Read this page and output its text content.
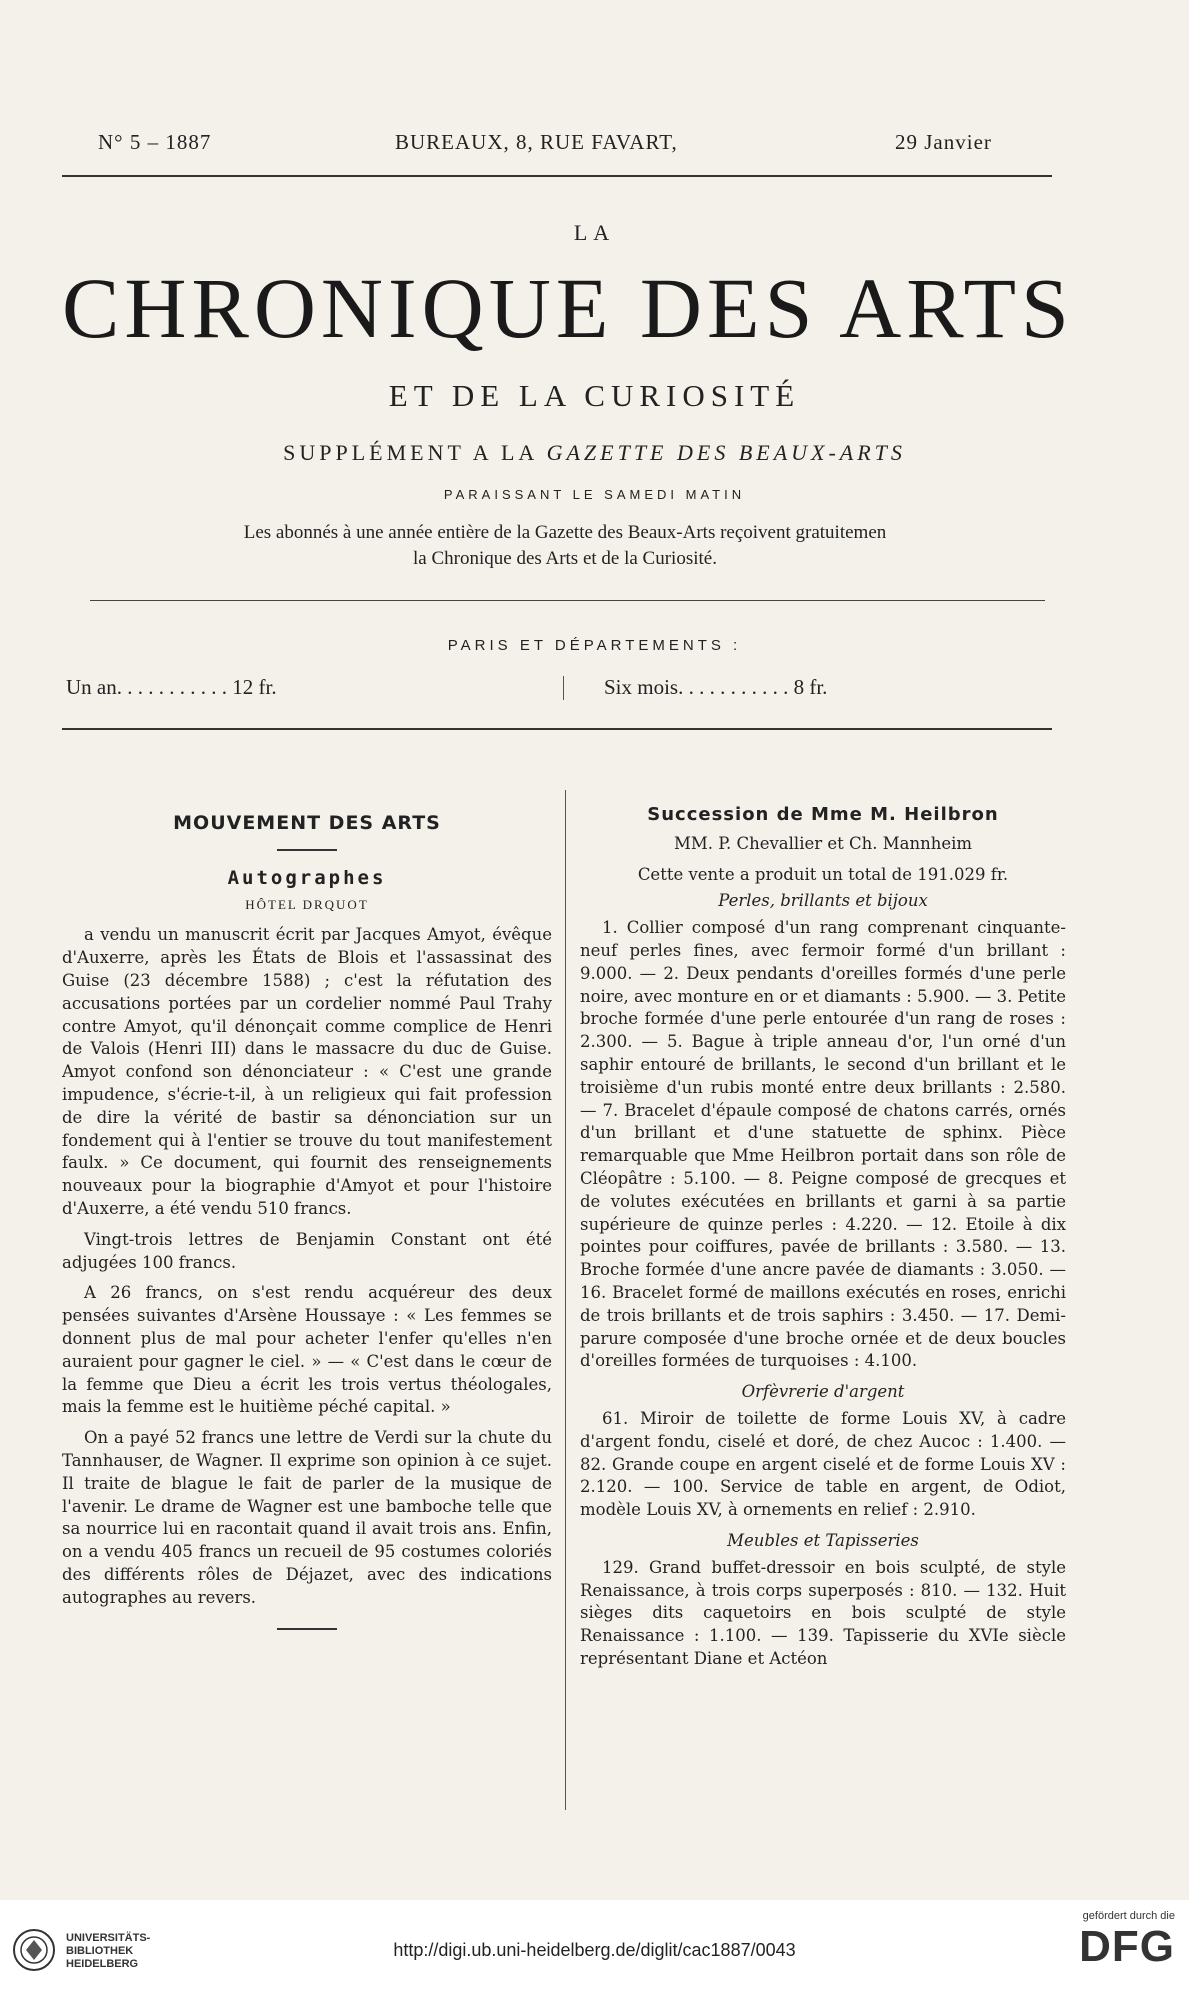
N° 5 – 1887	BUREAUX, 8, RUE FAVART,	29 Janvier
LA
CHRONIQUE DES ARTS
ET DE LA CURIOSITÉ
SUPPLÉMENT A LA GAZETTE DES BEAUX-ARTS
PARAISSANT LE SAMEDI MATIN
Les abonnés à une année entière de la Gazette des Beaux-Arts reçoivent gratuitemen
la Chronique des Arts et de la Curiosité.
PARIS ET DÉPARTEMENTS :
Un an. . . . . . . . . . . 12 fr.	Six mois. . . . . . . . . . . 8 fr.
MOUVEMENT DES ARTS
Autographes
HÔTEL DRQUOT

a vendu un manuscrit écrit par Jacques Amyot, évêque d'Auxerre, après les États de Blois et l'assassinat des Guise (23 décembre 1588) ; c'est la réfutation des accusations portées par un cordelier nommé Paul Trahy contre Amyot, qu'il dénonçait comme complice de Henri de Valois (Henri III) dans le massacre du duc de Guise. Amyot confond son dénonciateur : « C'est une grande impudence, s'écrie-t-il, à un religieux qui fait profession de dire la vérité de bastir sa dénonciation sur un fondement qui à l'entier se trouve du tout manifestement faulx. » Ce document, qui fournit des renseignements nouveaux pour la biographie d'Amyot et pour l'histoire d'Auxerre, a été vendu 510 francs.

Vingt-trois lettres de Benjamin Constant ont été adjugées 100 francs.

A 26 francs, on s'est rendu acquéreur des deux pensées suivantes d'Arsène Houssaye : « Les femmes se donnent plus de mal pour acheter l'enfer qu'elles n'en auraient pour gagner le ciel. » — « C'est dans le cœur de la femme que Dieu a écrit les trois vertus théologales, mais la femme est le huitième péché capital. »

On a payé 52 francs une lettre de Verdi sur la chute du Tannhauser, de Wagner. Il exprime son opinion à ce sujet. Il traite de blague le fait de parler de la musique de l'avenir. Le drame de Wagner est une bamboche telle que sa nourrice lui en racontait quand il avait trois ans. Enfin, on a vendu 405 francs un recueil de 95 costumes coloriés des différents rôles de Déjazet, avec des indications autographes au revers.

Succession de Mme M. Heilbron
MM. P. Chevallier et Ch. Mannheim
Cette vente a produit un total de 191.029 fr.
Perles, brillants et bijoux

1. Collier composé d'un rang comprenant cinquante-neuf perles fines, avec fermoir formé d'un brillant : 9.000. — 2. Deux pendants d'oreilles formés d'une perle noire, avec monture en or et diamants : 5.900. — 3. Petite broche formée d'une perle entourée d'un rang de roses : 2.300. — 5. Bague à triple anneau d'or, l'un orné d'un saphir entouré de brillants, le second d'un brillant et le troisième d'un rubis monté entre deux brillants : 2.580. — 7. Bracelet d'épaule composé de chatons carrés, ornés d'un brillant et d'une statuette de sphinx. Pièce remarquable que Mme Heilbron portait dans son rôle de Cléopâtre : 5.100. — 8. Peigne composé de grecques et de volutes exécutées en brillants et garni à sa partie supérieure de quinze perles : 4.220. — 12. Etoile à dix pointes pour coiffures, pavée de brillants : 3.580. — 13. Broche formée d'une ancre pavée de diamants : 3.050. — 16. Bracelet formé de maillons exécutés en roses, enrichi de trois brillants et de trois saphirs : 3.450. — 17. Demi-parure composée d'une broche ornée et de deux boucles d'oreilles formées de turquoises : 4.100.

Orfèvrerie d'argent

61. Miroir de toilette de forme Louis XV, à cadre d'argent fondu, ciselé et doré, de chez Aucoc : 1.400. — 82. Grande coupe en argent ciselé et de forme Louis XV : 2.120. — 100. Service de table en argent, de Odiot, modèle Louis XV, à ornements en relief : 2.910.

Meubles et Tapisseries

129. Grand buffet-dressoir en bois sculpté, de style Renaissance, à trois corps superposés : 810. — 132. Huit sièges dits caquetoirs en bois sculpté de style Renaissance : 1.100. — 139. Tapisserie du XVIe siècle représentant Diane et Actéon

UNIVERSITÄTS-
BIBLIOTHEK
HEIDELBERG
http://digi.ub.uni-heidelberg.de/diglit/cac1887/0043
gefördert durch die
DFG
